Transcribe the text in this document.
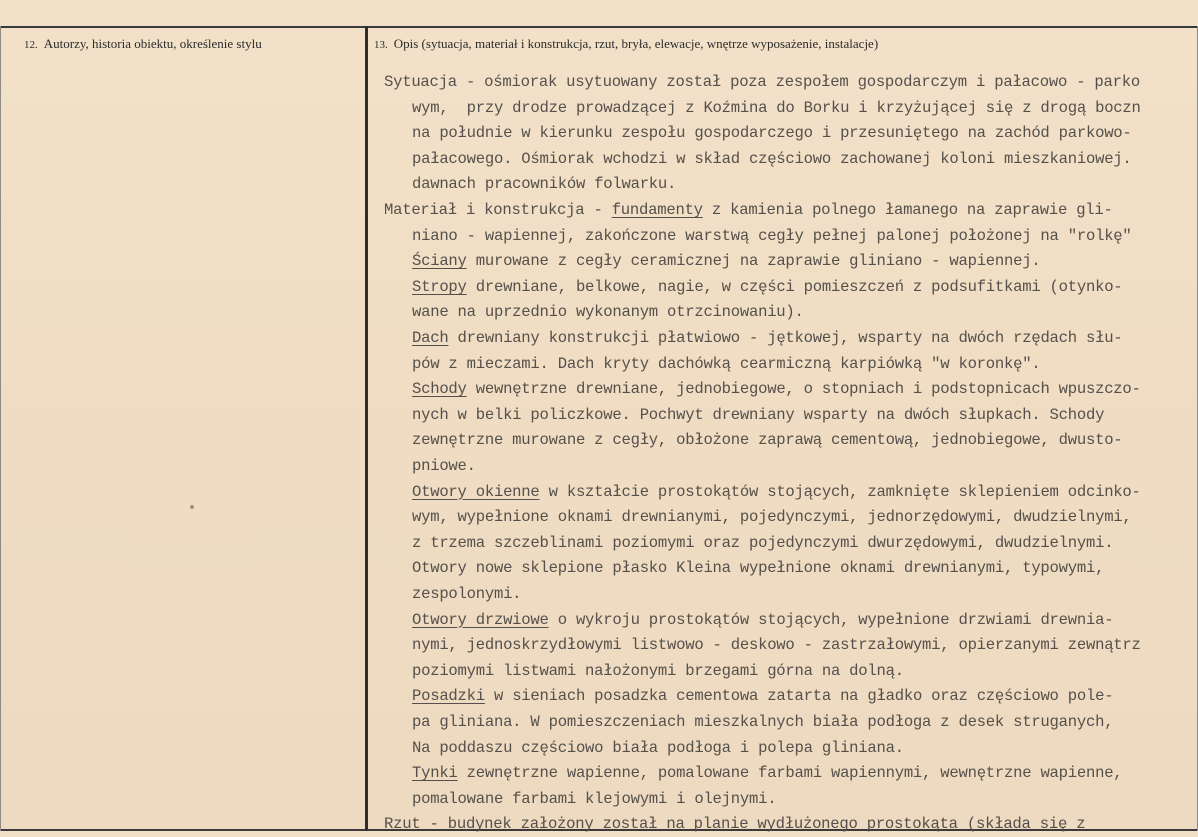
12. Autorzy, historia obiektu, określenie stylu	13. Opis (sytuacja, materiał i konstrukcja, rzut, bryła, elewacje, wnętrze wyposażenie, instalacje)
Sytuacja - ośmiorak usytuowany został poza zespołem gospodarczym i pałacowo - parko
wym,  przy drodze prowadzącej z Koźmina do Borku i krzyżującej się z drogą boczn
na południe w kierunku zespołu gospodarczego i przesuniętego na zachód parkowo-
pałacowego. Ośmiorak wchodzi w skład częściowo zachowanej koloni mieszkaniowej.
dawnach pracowników folwarku.
Materiał i konstrukcja - fundamenty z kamienia polnego łamanego na zaprawie gli-
niano - wapiennej, zakończone warstwą cegły pełnej palonej położonej na "rolkę"
Ściany murowane z cegły ceramicznej na zaprawie gliniano - wapiennej.
Stropy drewniane, belkowe, nagie, w części pomieszczeń z podsufitkami (otynko-
wane na uprzednio wykonanym otrzcinowaniu).
Dach drewniany konstrukcji płatwiowo - jętkowej, wsparty na dwóch rzędach słu-
pów z mieczami. Dach kryty dachówką cearmiczną karpiówką "w koronkę".
Schody wewnętrzne drewniane, jednobiegowe, o stopniach i podstopnicach wpuszczo-
nych w belki policzkowe. Pochwyt drewniany wsparty na dwóch słupkach. Schody
zewnętrzne murowane z cegły, obłożone zaprawą cementową, jednobiegowe, dwusto-
pniowe.
Otwory okienne w kształcie prostokątów stojących, zamknięte sklepieniem odcinko-
wym, wypełnione oknami drewnianymi, pojedynczymi, jednorzędowymi, dwudzielnymi,
z trzema szczeblinami poziomymi oraz pojedynczymi dwurzędowymi, dwudzielnymi.
Otwory nowe sklepione płasko Kleina wypełnione oknami drewnianymi, typowymi,
zespolonymi.
Otwory drzwiowe o wykroju prostokątów stojących, wypełnione drzwiami drewnia-
nymi, jednoskrzydłowymi listwowo - deskowo - zastrzałowymi, opierzanymi zewnątrz
poziomymi listwami nałożonymi brzegami górna na dolną.
Posadzki w sieniach posadzka cementowa zatarta na gładko oraz częściowo pole-
pa gliniana. W pomieszczeniach mieszkalnych biała podłoga z desek struganych,
Na poddaszu częściowo biała podłoga i polepa gliniana.
Tynki zewnętrzne wapienne, pomalowane farbami wapiennymi, wewnętrzne wapienne,
pomalowane farbami klejowymi i olejnymi.
Rzut - budynek założony został na planie wydłużonego prostokąta (składa się z
